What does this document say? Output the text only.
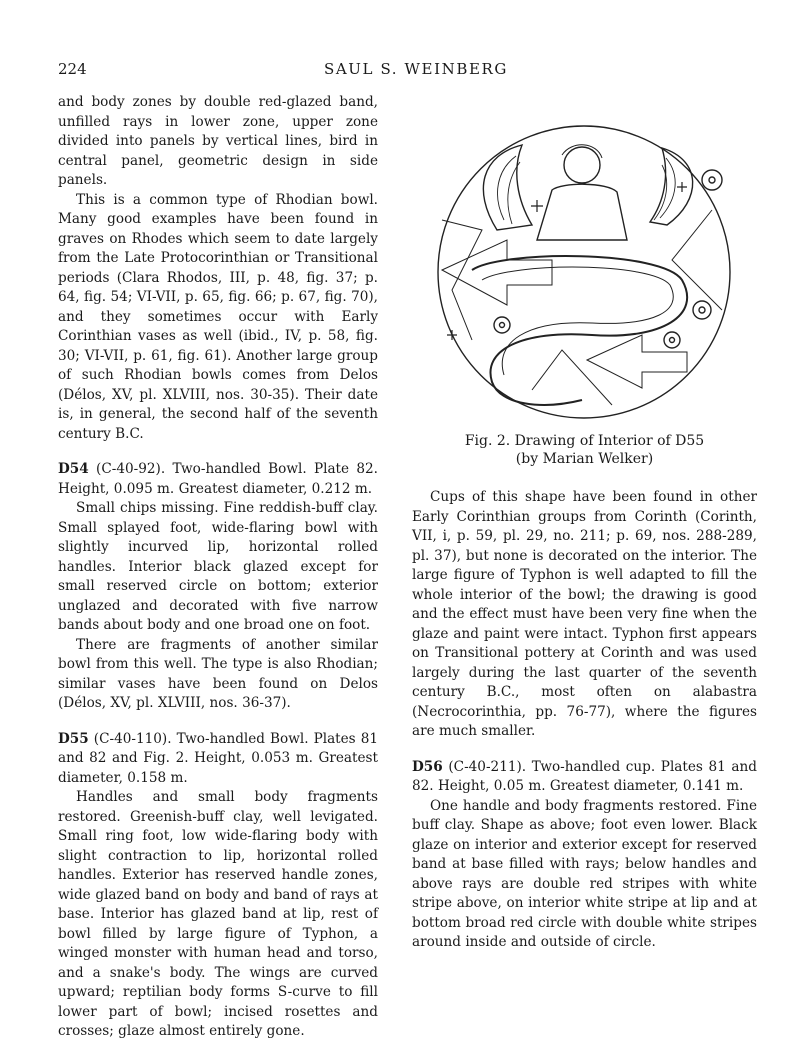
224	SAUL S. WEINBERG

and body zones by double red-glazed band, unfilled rays in lower zone, upper zone divided into panels by vertical lines, bird in central panel, geometric design in side panels.

This is a common type of Rhodian bowl. Many good examples have been found in graves on Rhodes which seem to date largely from the Late Protocorinthian or Transitional periods (Clara Rhodos, III, p. 48, fig. 37; p. 64, fig. 54; VI-VII, p. 65, fig. 66; p. 67, fig. 70), and they sometimes occur with Early Corinthian vases as well (ibid., IV, p. 58, fig. 30; VI-VII, p. 61, fig. 61). Another large group of such Rhodian bowls comes from Delos (Délos, XV, pl. XLVIII, nos. 30-35). Their date is, in general, the second half of the seventh century B.C.

D54 (C-40-92). Two-handled Bowl. Plate 82. Height, 0.095 m. Greatest diameter, 0.212 m.

Small chips missing. Fine reddish-buff clay. Small splayed foot, wide-flaring bowl with slightly incurved lip, horizontal rolled handles. Interior black glazed except for small reserved circle on bottom; exterior unglazed and decorated with five narrow bands about body and one broad one on foot.

There are fragments of another similar bowl from this well. The type is also Rhodian; similar vases have been found on Delos (Délos, XV, pl. XLVIII, nos. 36-37).

D55 (C-40-110). Two-handled Bowl. Plates 81 and 82 and Fig. 2. Height, 0.053 m. Greatest diameter, 0.158 m.

Handles and small body fragments restored. Greenish-buff clay, well levigated. Small ring foot, low wide-flaring body with slight contraction to lip, horizontal rolled handles. Exterior has reserved handle zones, wide glazed band on body and band of rays at base. Interior has glazed band at lip, rest of bowl filled by large figure of Typhon, a winged monster with human head and torso, and a snake's body. The wings are curved upward; reptilian body forms S-curve to fill lower part of bowl; incised rosettes and crosses; glaze almost entirely gone.

Fig. 2. Drawing of Interior of D55
(by Marian Welker)

Cups of this shape have been found in other Early Corinthian groups from Corinth (Corinth, VII, i, p. 59, pl. 29, no. 211; p. 69, nos. 288-289, pl. 37), but none is decorated on the interior. The large figure of Typhon is well adapted to fill the whole interior of the bowl; the drawing is good and the effect must have been very fine when the glaze and paint were intact. Typhon first appears on Transitional pottery at Corinth and was used largely during the last quarter of the seventh century B.C., most often on alabastra (Necrocorinthia, pp. 76-77), where the figures are much smaller.

D56 (C-40-211). Two-handled cup. Plates 81 and 82. Height, 0.05 m. Greatest diameter, 0.141 m.

One handle and body fragments restored. Fine buff clay. Shape as above; foot even lower. Black glaze on interior and exterior except for reserved band at base filled with rays; below handles and above rays are double red stripes with white stripe above, on interior white stripe at lip and at bottom broad red circle with double white stripes around inside and outside of circle.
